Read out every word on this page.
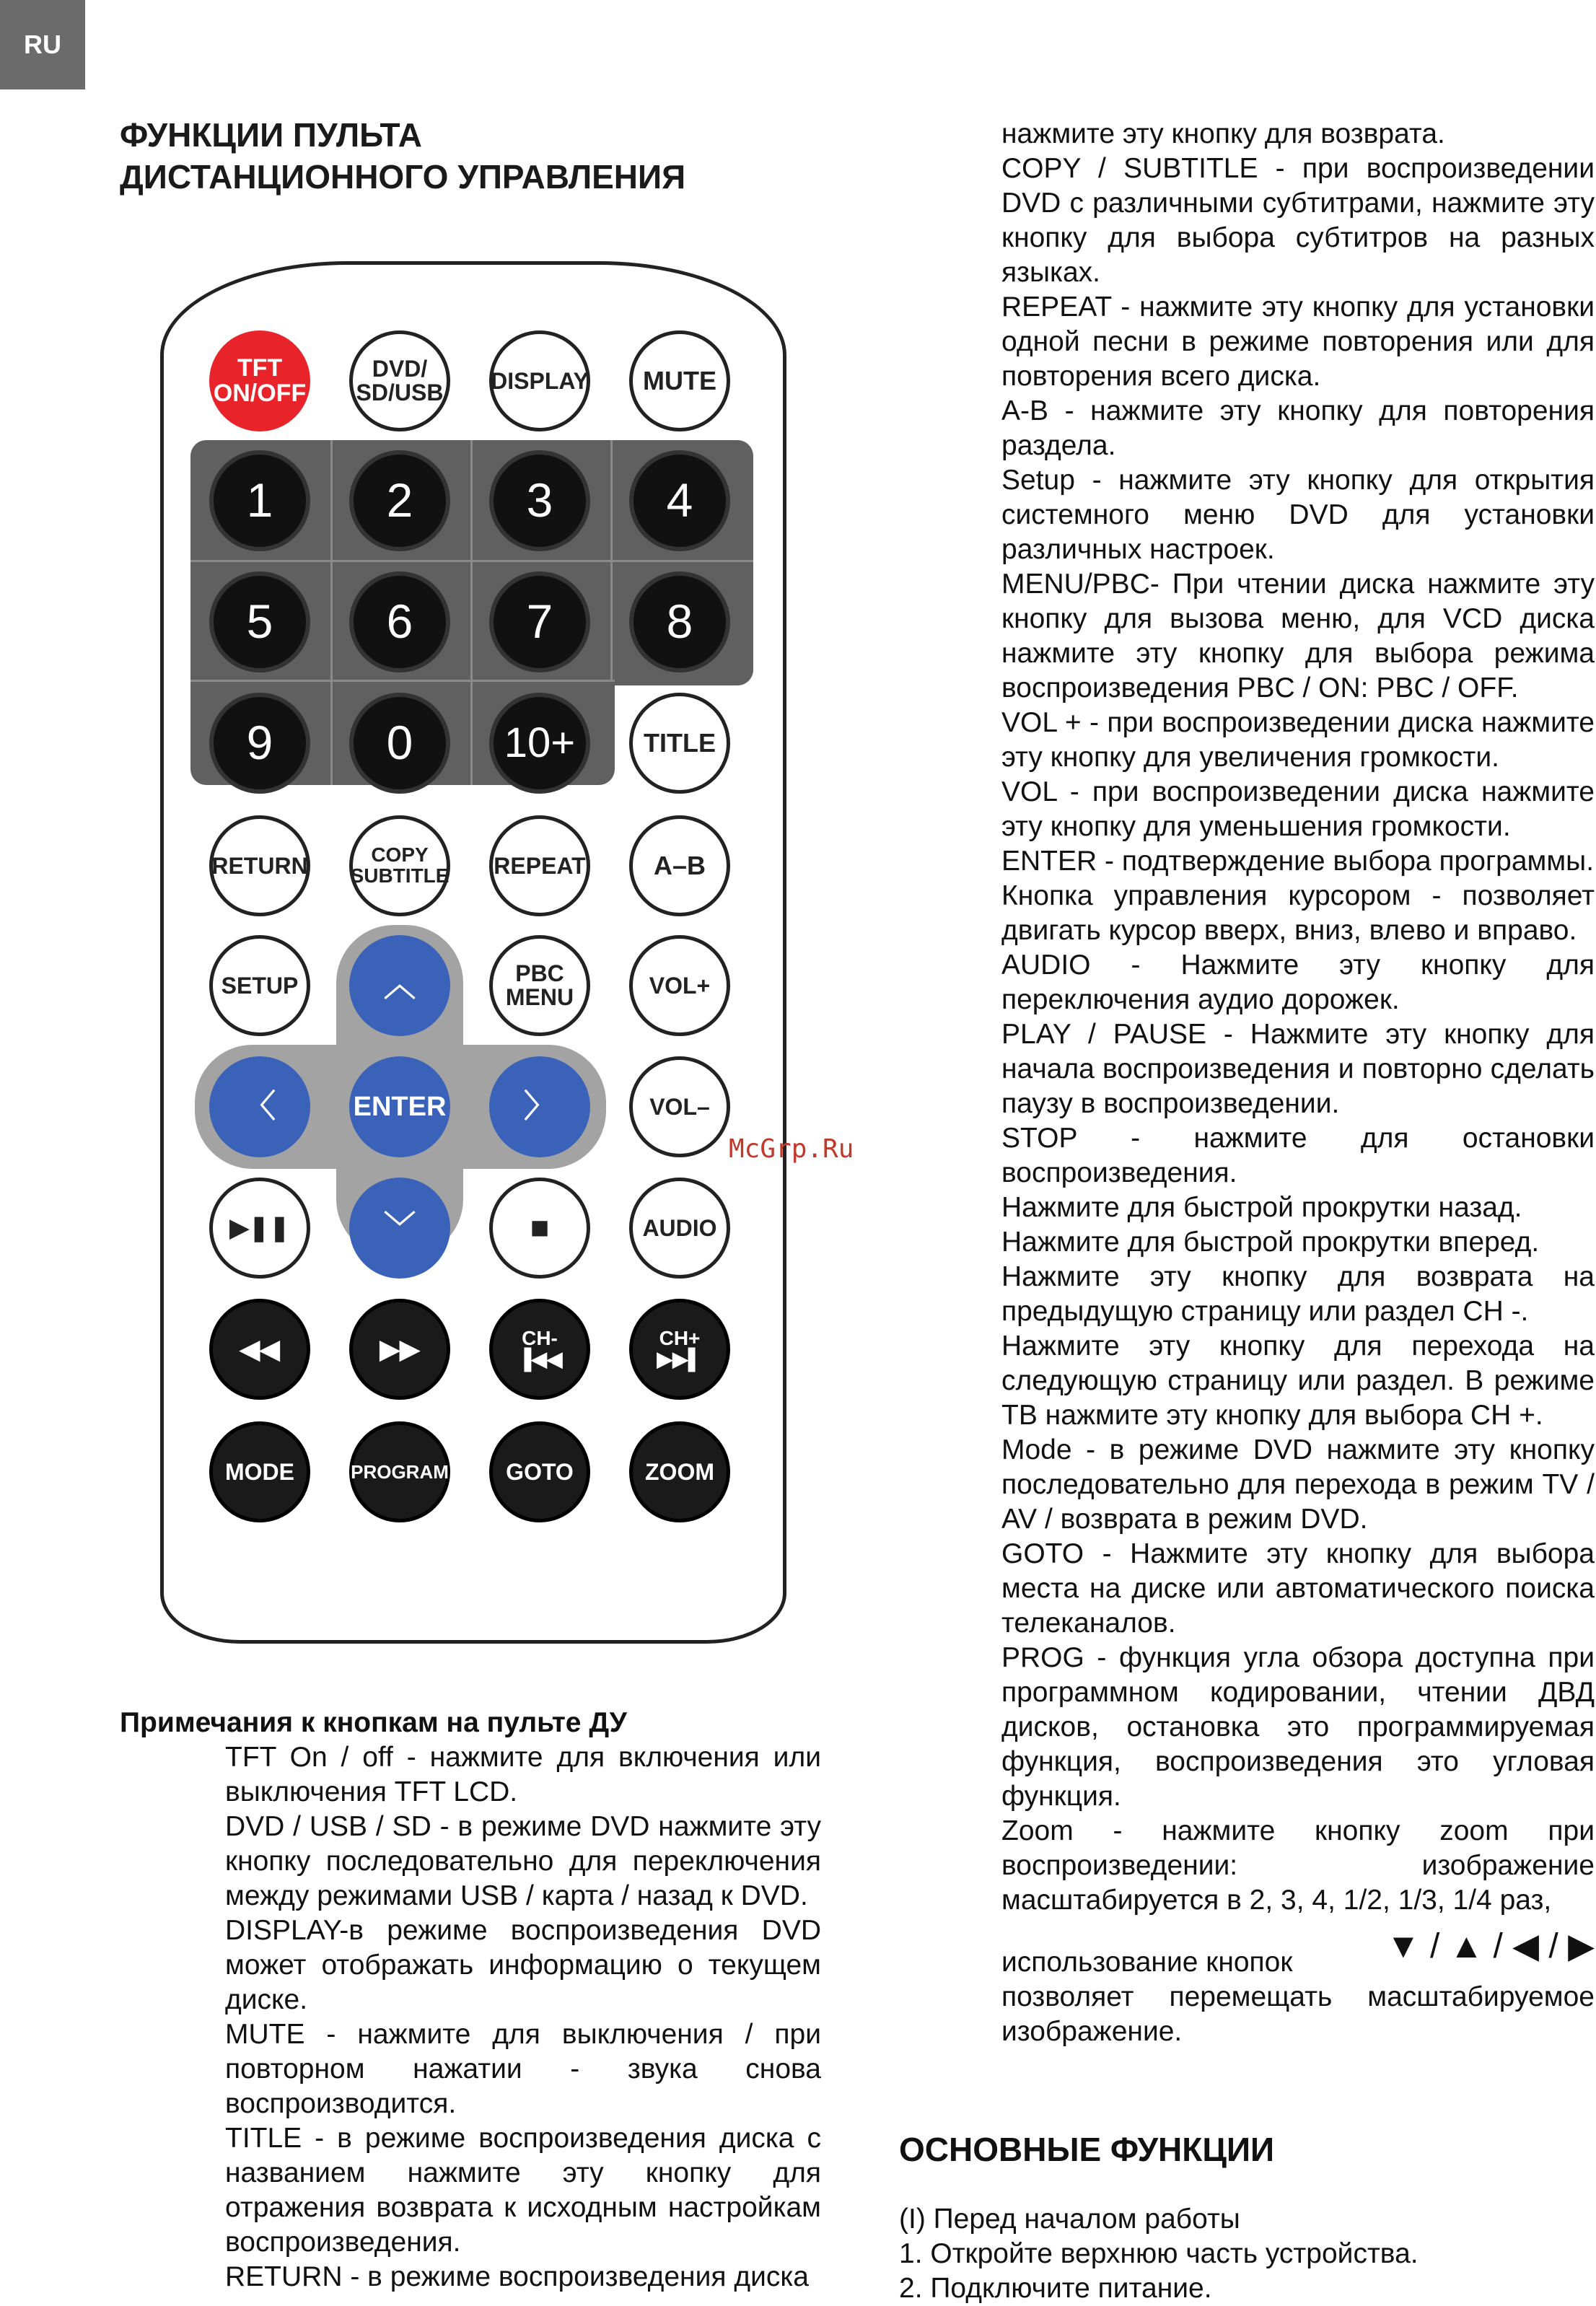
RU
ФУНКЦИИ ПУЛЬТА
ДИСТАНЦИОННОГО УПРАВЛЕНИЯ
TFT ON/OFF
DVD/
SD/USB DISPLAY	MUTE
1	2	3	4
5	6	7	8
9	0	10+	TITLE
RETURN	COPY
SUBTITLE REPEAT	A–B
︿
〈	ENTER	〉
﹀
SETUP	PBC
MENU	VOL+
VOL–
▶❚❚	■	AUDIO
◀◀	▶▶	CH-
▐◀◀
CH+
▶▶▌
MODE	PROGRAM	GOTO	ZOOM
McGrp.Ru
Примечания к кнопкам на пульте ДУ
TFT On / off - нажмите для включения или выключения TFT LCD.
DVD / USB / SD - в режиме DVD нажмите эту кнопку последовательно для переключения между режимами USB / карта / назад к DVD.
DISPLAY-в режиме воспроизведения DVD может отображать информацию о текущем диске.
MUTE - нажмите для выключения / при повторном нажатии - звука снова воспроизводится.
TITLE - в режиме воспроизведения диска с названием нажмите эту кнопку для отражения возврата к исходным настройкам воспроизведения.
RETURN - в режиме воспроизведения диска
нажмите эту кнопку для возврата.
COPY / SUBTITLE - при воспроизведении DVD с различными субтитрами, нажмите эту кнопку для выбора субтитров на разных языках.
REPEAT - нажмите эту кнопку для установки одной песни в режиме повторения или для повторения всего диска.
A-B - нажмите эту кнопку для повторения раздела.
Setup - нажмите эту кнопку для открытия системного меню DVD для установки различных настроек.
MENU/PBC- При чтении диска нажмите эту кнопку для вызова меню, для VCD диска нажмите эту кнопку для выбора режима воспроизведения PBC / ON: PBC / OFF.
VOL + - при воспроизведении диска нажмите эту кнопку для увеличения громкости.
VOL - при воспроизведении диска нажмите эту кнопку для уменьшения громкости.
ENTER - подтверждение выбора программы.
Кнопка управления курсором - позволяет двигать курсор вверх, вниз, влево и вправо.
AUDIO - Нажмите эту кнопку для переключения аудио дорожек.
PLAY / PAUSE - Нажмите эту кнопку для начала воспроизведения и повторно сделать паузу в воспроизведении.
STOP - нажмите для остановки воспроизведения.
Нажмите для быстрой прокрутки назад.
Нажмите для быстрой прокрутки вперед.
Нажмите эту кнопку для возврата на предыдущую страницу или раздел CH -.
Нажмите эту кнопку для перехода на следующую страницу или раздел. В режиме ТВ нажмите эту кнопку для выбора CH +.
Mode - в режиме DVD нажмите эту кнопку последовательно для перехода в режим TV / AV / возврата в режим DVD.
GOTO - Нажмите эту кнопку для выбора места на диске или автоматического поиска телеканалов.
PROG - функция угла обзора доступна при программном кодировании, чтении ДВД дисков, остановка это программируемая функция, воспроизведения это угловая функция.
Zoom - нажмите кнопку zoom при воспроизведении: изображение масштабируется в 2, 3, 4, 1/2, 1/3, 1/4 раз,
использование кнопок	▼ / ▲ / ◀ / ▶
позволяет перемещать масштабируемое изображение.
ОСНОВНЫЕ ФУНКЦИИ
(I) Перед началом работы
1. Откройте верхнюю часть устройства.
2. Подключите питание.
